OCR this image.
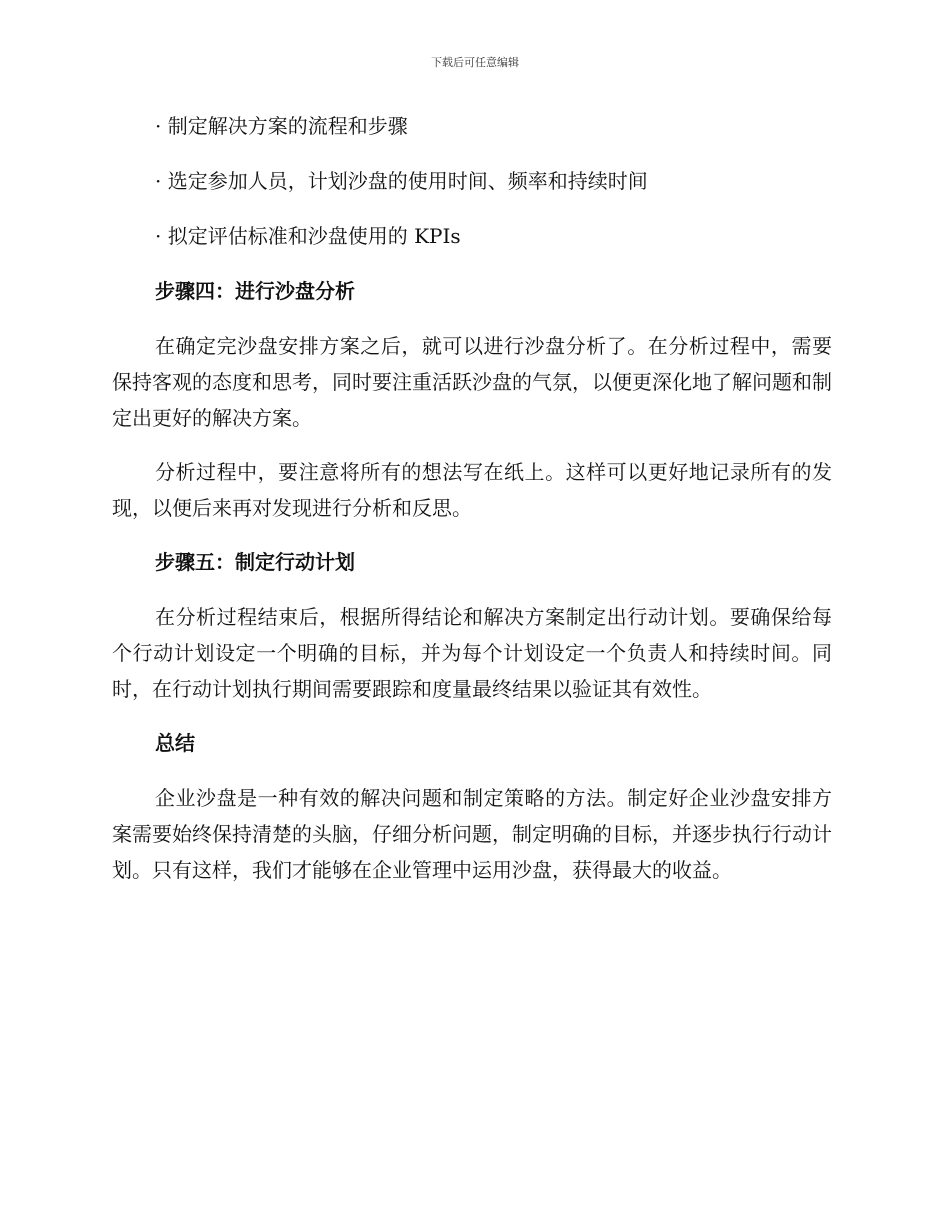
下载后可任意编辑
· 制定解决方案的流程和步骤
· 选定参加人员，计划沙盘的使用时间、频率和持续时间
· 拟定评估标准和沙盘使用的 KPIs
步骤四：进行沙盘分析

在确定完沙盘安排方案之后，就可以进行沙盘分析了。在分析过程中，需要保持客观的态度和思考，同时要注重活跃沙盘的气氛，以便更深化地了解问题和制定出更好的解决方案。

分析过程中，要注意将所有的想法写在纸上。这样可以更好地记录所有的发现，以便后来再对发现进行分析和反思。

步骤五：制定行动计划

在分析过程结束后，根据所得结论和解决方案制定出行动计划。要确保给每个行动计划设定一个明确的目标，并为每个计划设定一个负责人和持续时间。同时，在行动计划执行期间需要跟踪和度量最终结果以验证其有效性。

总结

企业沙盘是一种有效的解决问题和制定策略的方法。制定好企业沙盘安排方案需要始终保持清楚的头脑，仔细分析问题，制定明确的目标，并逐步执行行动计划。只有这样，我们才能够在企业管理中运用沙盘，获得最大的收益。
